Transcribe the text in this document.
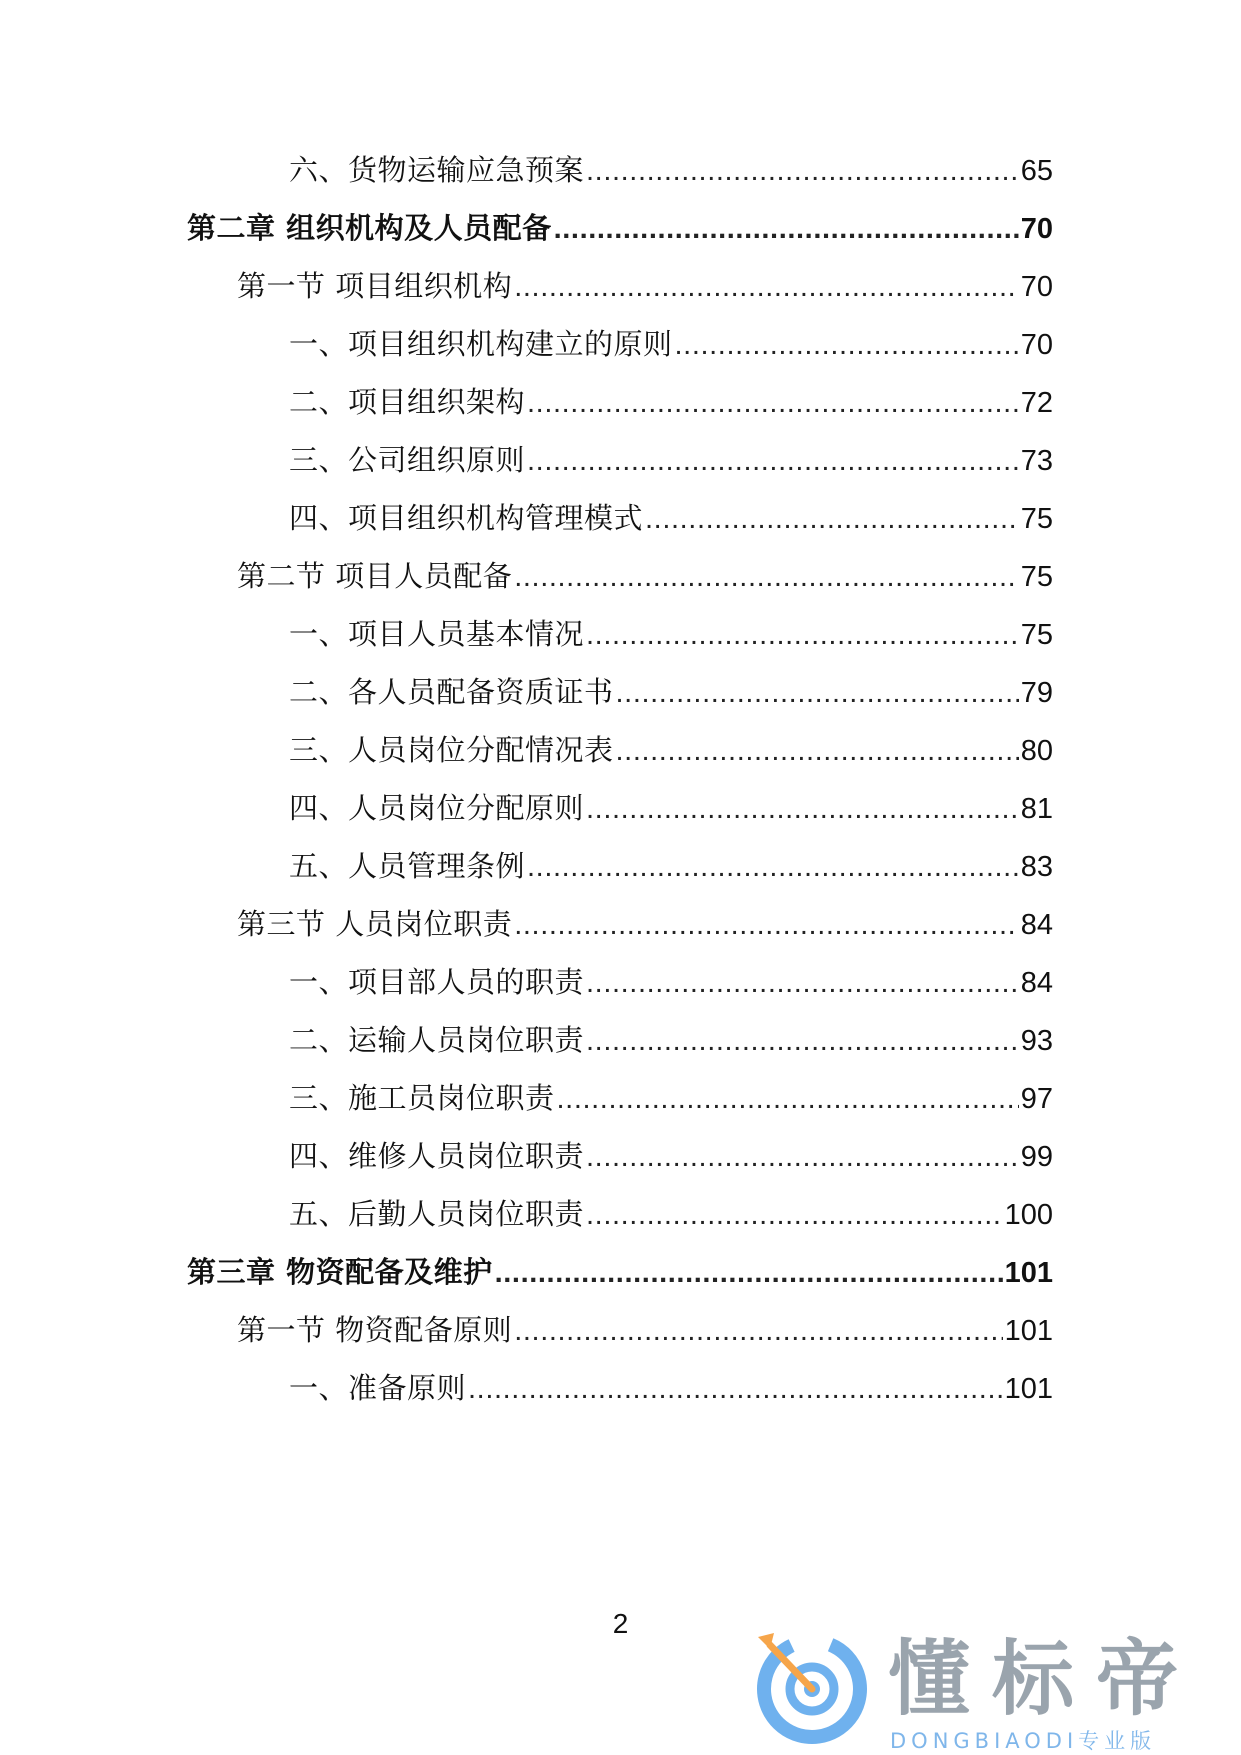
六、货物运输应急预案 .....	65
第二章 组织机构及人员配备 .....	70
第一节 项目组织机构 .....	70
一、项目组织机构建立的原则 .....	70
二、项目组织架构 .....	72
三、公司组织原则 .....	73
四、项目组织机构管理模式 .....	75
第二节 项目人员配备 .....	75
一、项目人员基本情况 .....	75
二、各人员配备资质证书 .....	79
三、人员岗位分配情况表 .....	80
四、人员岗位分配原则 .....	81
五、人员管理条例 .....	83
第三节 人员岗位职责 .....	84
一、项目部人员的职责 .....	84
二、运输人员岗位职责 .....	93
三、施工员岗位职责 .....	97
四、维修人员岗位职责 .....	99
五、后勤人员岗位职责 .....	100
第三章 物资配备及维护 .....	101
第一节 物资配备原则 .....	101
一、准备原则 .....	101
2
懂标帝
DONGBIAODI专业版
